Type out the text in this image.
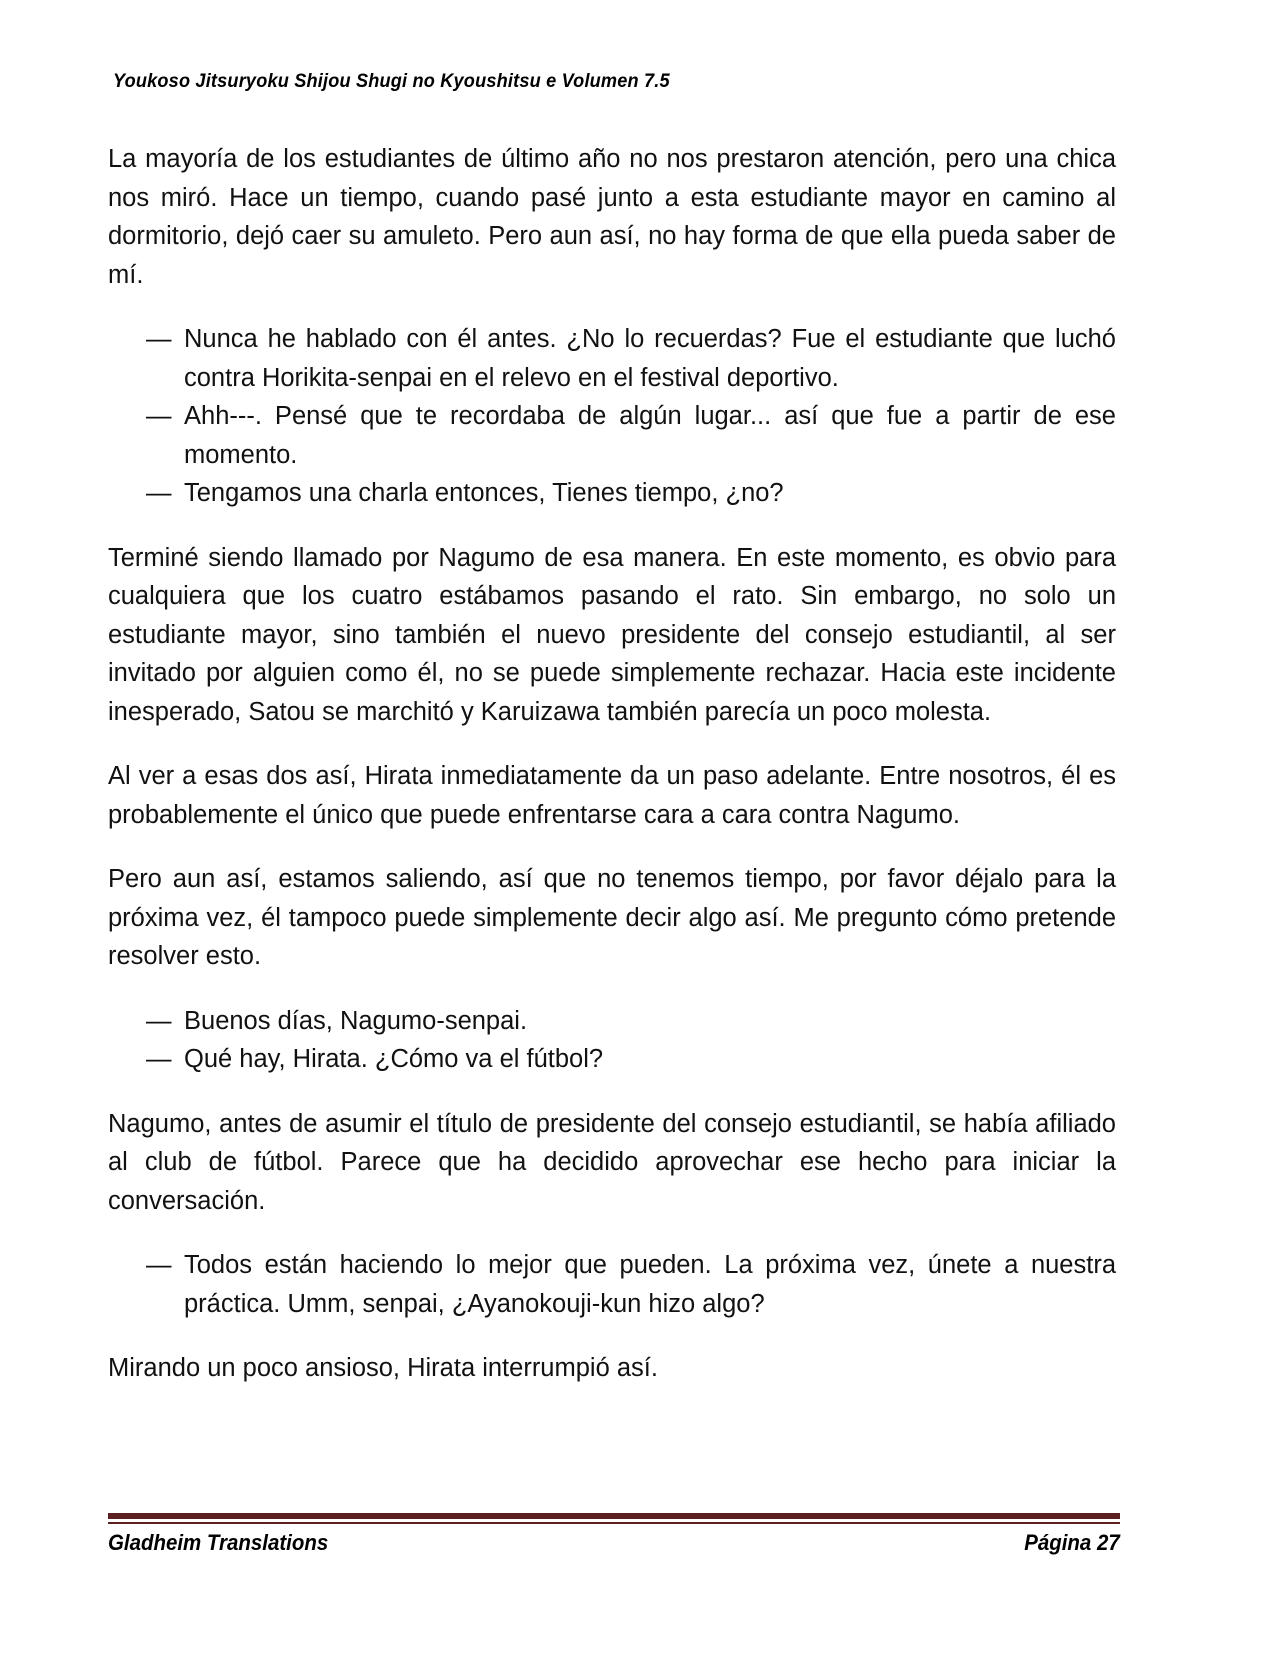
Youkoso Jitsuryoku Shijou Shugi no Kyoushitsu e Volumen 7.5

La mayoría de los estudiantes de último año no nos prestaron atención, pero una chica nos miró. Hace un tiempo, cuando pasé junto a esta estudiante mayor en camino al dormitorio, dejó caer su amuleto. Pero aun así, no hay forma de que ella pueda saber de mí.

— Nunca he hablado con él antes. ¿No lo recuerdas? Fue el estudiante que luchó contra Horikita-senpai en el relevo en el festival deportivo.
— Ahh---. Pensé que te recordaba de algún lugar... así que fue a partir de ese momento.
— Tengamos una charla entonces, Tienes tiempo, ¿no?

Terminé siendo llamado por Nagumo de esa manera. En este momento, es obvio para cualquiera que los cuatro estábamos pasando el rato. Sin embargo, no solo un estudiante mayor, sino también el nuevo presidente del consejo estudiantil, al ser invitado por alguien como él, no se puede simplemente rechazar. Hacia este incidente inesperado, Satou se marchitó y Karuizawa también parecía un poco molesta.

Al ver a esas dos así, Hirata inmediatamente da un paso adelante. Entre nosotros, él es probablemente el único que puede enfrentarse cara a cara contra Nagumo.

Pero aun así, estamos saliendo, así que no tenemos tiempo, por favor déjalo para la próxima vez, él tampoco puede simplemente decir algo así. Me pregunto cómo pretende resolver esto.

— Buenos días, Nagumo-senpai.
— Qué hay, Hirata. ¿Cómo va el fútbol?

Nagumo, antes de asumir el título de presidente del consejo estudiantil, se había afiliado al club de fútbol. Parece que ha decidido aprovechar ese hecho para iniciar la conversación.

— Todos están haciendo lo mejor que pueden. La próxima vez, únete a nuestra práctica. Umm, senpai, ¿Ayanokouji-kun hizo algo?

Mirando un poco ansioso, Hirata interrumpió así.

Gladheim Translations	Página 27
